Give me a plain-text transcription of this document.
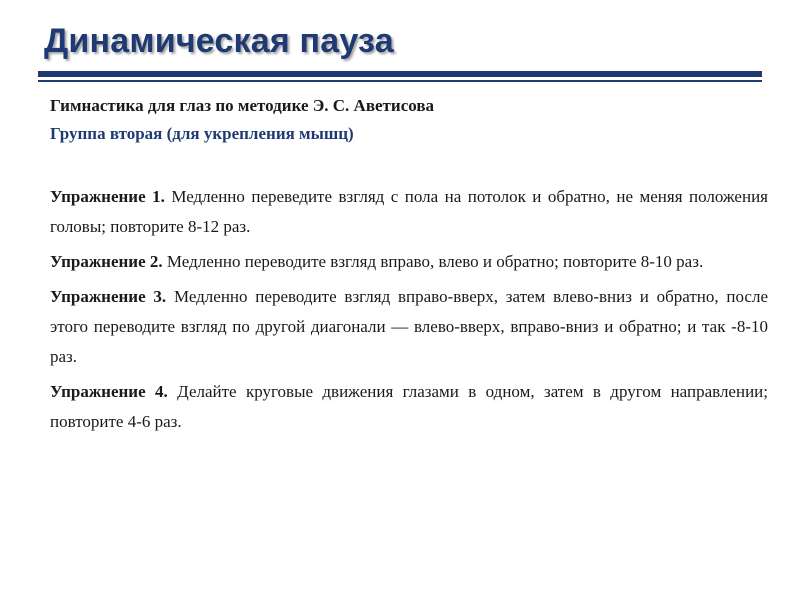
Динамическая пауза

Гимнастика для глаз по методике Э. С. Аветисова

Группа вторая (для укрепления мышц)

Упражнение 1. Медленно переведите взгляд с пола на потолок и обратно, не меняя положения головы; повторите 8-12 раз.

Упражнение 2. Медленно переводите взгляд вправо, влево и обратно; повторите 8-10 раз.

Упражнение 3. Медленно переводите взгляд вправо-вверх, затем влево-вниз и обратно, после этого переводите взгляд по другой диагонали — влево-вверх, вправо-вниз и обратно; и так -8-10 раз.

Упражнение 4. Делайте круговые движения глазами в одном, затем в другом направлении; повторите 4-6 раз.
